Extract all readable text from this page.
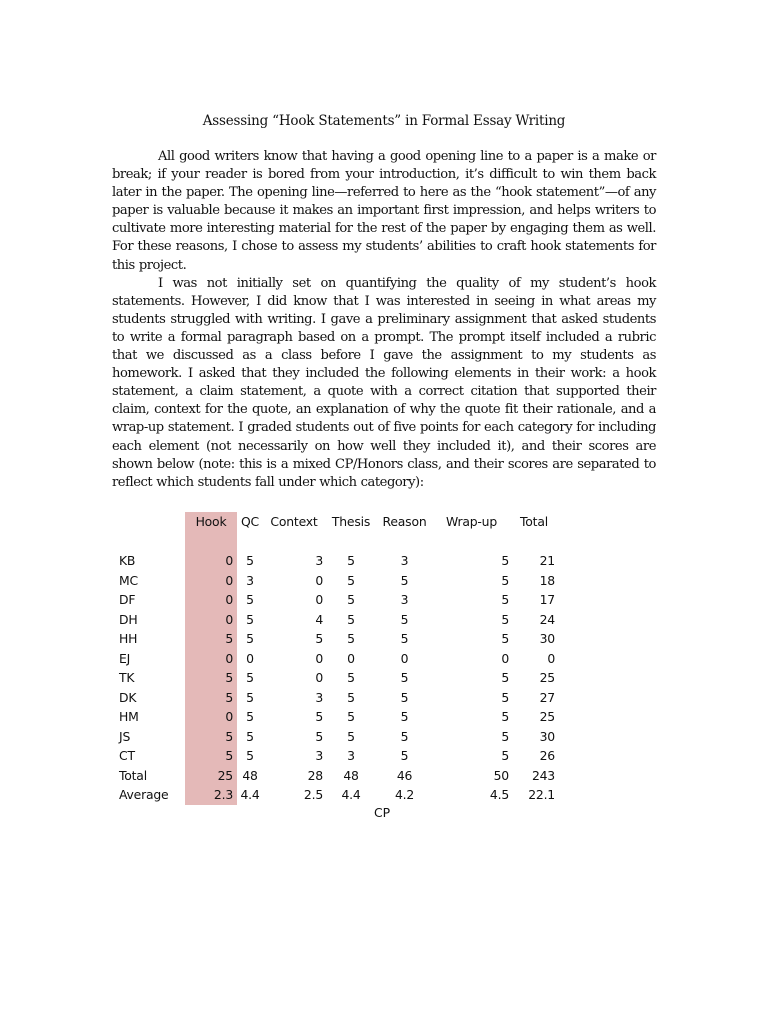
Assessing “Hook Statements” in Formal Essay Writing

All good writers know that having a good opening line to a paper is a make or break; if your reader is bored from your introduction, it’s difficult to win them back later in the paper. The opening line—referred to here as the “hook statement”—of any paper is valuable because it makes an important first impression, and helps writers to cultivate more interesting material for the rest of the paper by engaging them as well. For these reasons, I chose to assess my students’ abilities to craft hook statements for this project.

I was not initially set on quantifying the quality of my student’s hook statements. However, I did know that I was interested in seeing in what areas my students struggled with writing. I gave a preliminary assignment that asked students to write a formal paragraph based on a prompt. The prompt itself included a rubric that we discussed as a class before I gave the assignment to my students as homework. I asked that they included the following elements in their work: a hook statement, a claim statement, a quote with a correct citation that supported their claim, context for the quote, an explanation of why the quote fit their rationale, and a wrap-up statement. I graded students out of five points for each category for including each element (not necessarily on how well they included it), and their scores are shown below (note: this is a mixed CP/Honors class, and their scores are separated to reflect which students fall under which category):

	Hook	QC	Context	Thesis	Reason	Wrap-up	Total

KB	0	5	3	5	3	5	21
MC	0	3	0	5	5	5	18
DF	0	5	0	5	3	5	17
DH	0	5	4	5	5	5	24
HH	5	5	5	5	5	5	30
EJ	0	0	0	0	0	0	0
TK	5	5	0	5	5	5	25
DK	5	5	3	5	5	5	27
HM	0	5	5	5	5	5	25
JS	5	5	5	5	5	5	30
CT	5	5	3	3	5	5	26
Total	25	48	28	48	46	50	243
Average	2.3	4.4	2.5	4.4	4.2	4.5	22.1
CP
